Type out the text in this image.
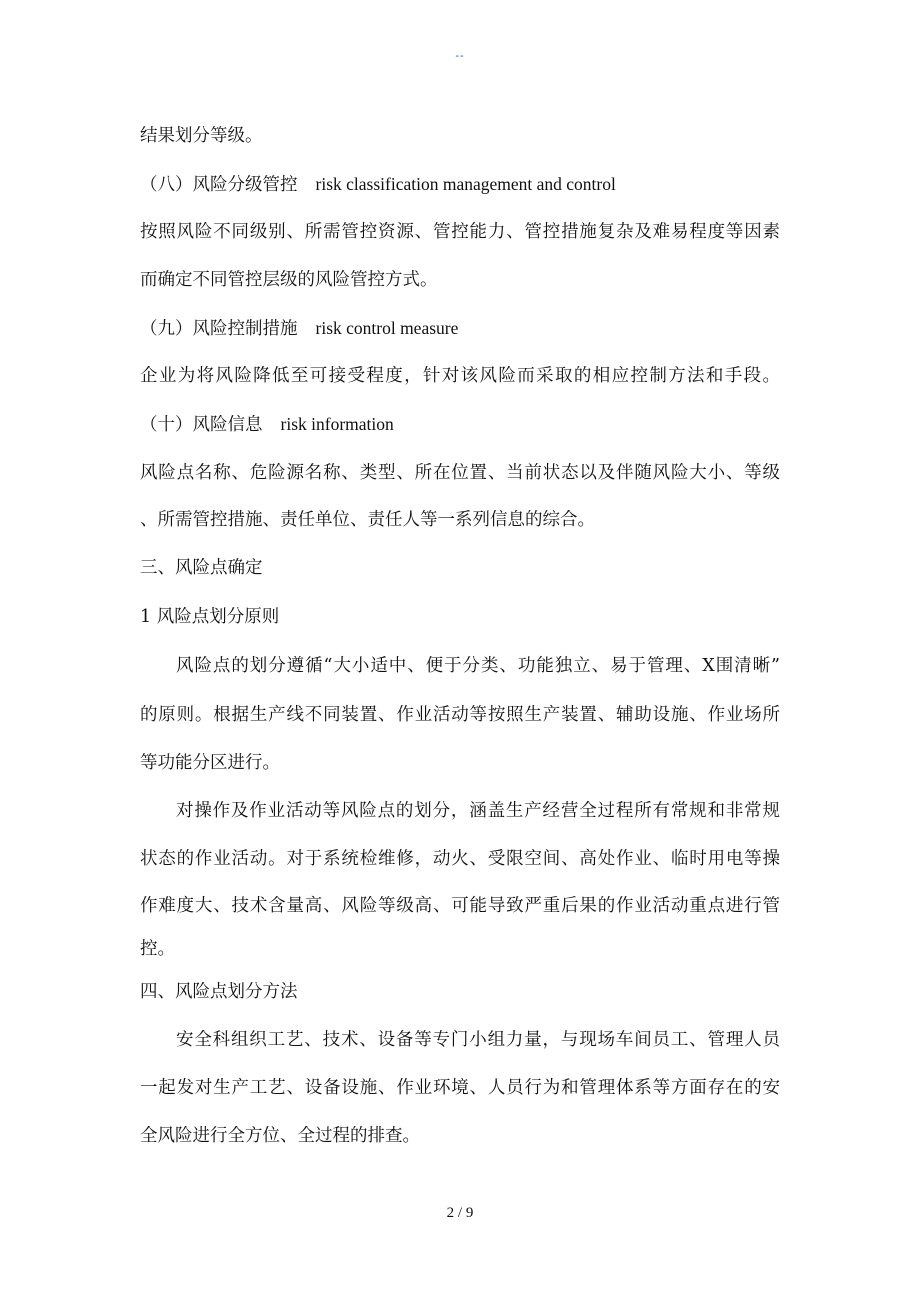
--
结果划分等级。
（八）风险分级管控 risk classification management and control
按照风险不同级别、所需管控资源、管控能力、管控措施复杂及难易程度等因素
而确定不同管控层级的风险管控方式。
（九）风险控制措施 risk control measure
企业为将风险降低至可接受程度，针对该风险而采取的相应控制方法和手段。
（十）风险信息 risk information
风险点名称、危险源名称、类型、所在位置、当前状态以及伴随风险大小、等级
、所需管控措施、责任单位、责任人等一系列信息的综合。
三、风险点确定
1 风险点划分原则
风险点的划分遵循“大小适中、便于分类、功能独立、易于管理、X围清晰”
的原则。根据生产线不同装置、作业活动等按照生产装置、辅助设施、作业场所
等功能分区进行。
对操作及作业活动等风险点的划分，涵盖生产经营全过程所有常规和非常规
状态的作业活动。对于系统检维修，动火、受限空间、高处作业、临时用电等操
作难度大、技术含量高、风险等级高、可能导致严重后果的作业活动重点进行管
控。
四、风险点划分方法
安全科组织工艺、技术、设备等专门小组力量，与现场车间员工、管理人员
一起发对生产工艺、设备设施、作业环境、人员行为和管理体系等方面存在的安
全风险进行全方位、全过程的排查。
2 / 9
